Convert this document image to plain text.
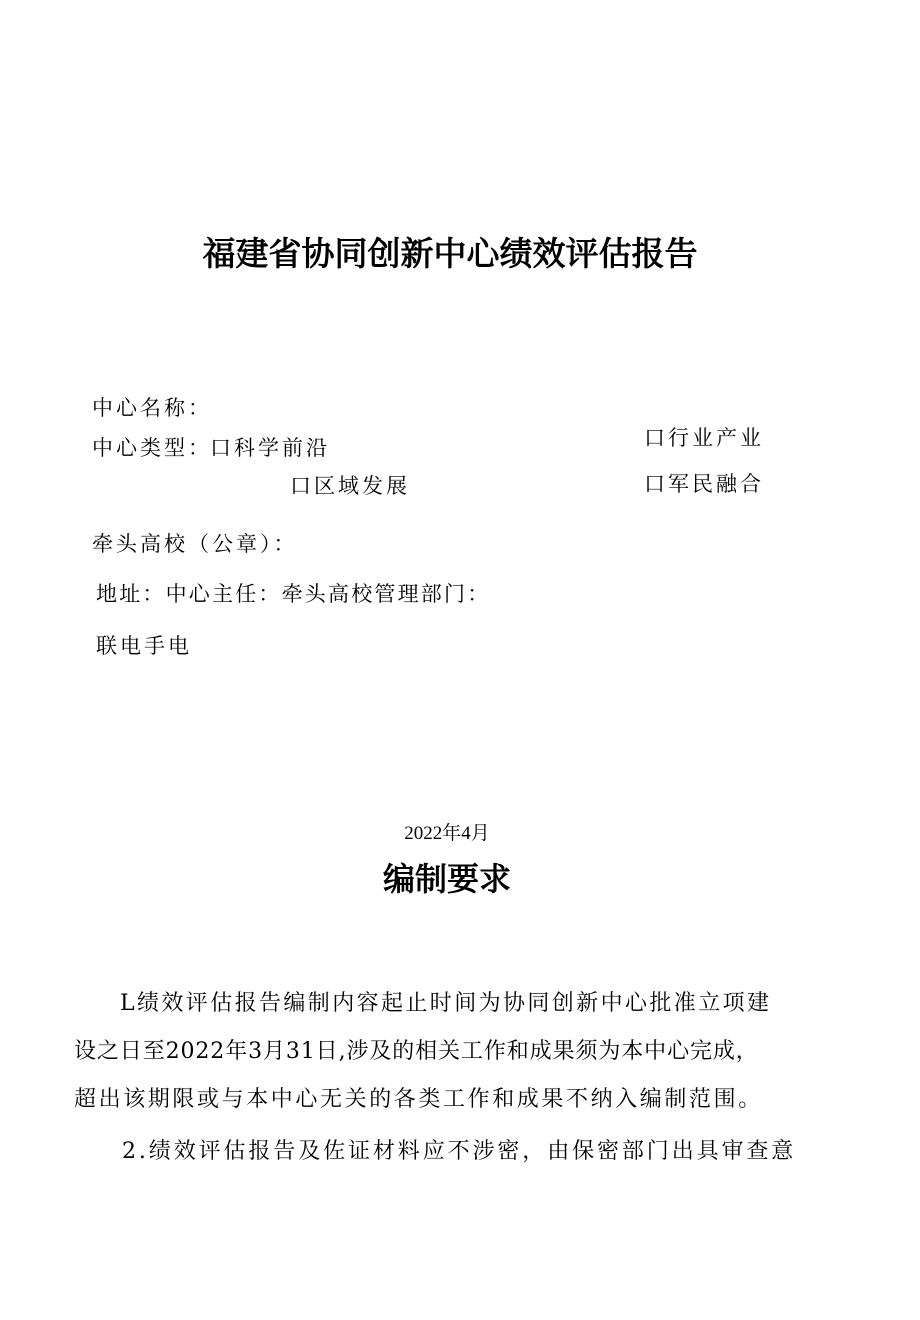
福建省协同创新中心绩效评估报告
中心名称：
中心类型：
口科学前沿	口行业产业
口区域发展	口军民融合
牵头高校（公章）：
地址：中心主任：牵头高校管理部门：
联电手电
2022年4月
编制要求
L绩效评估报告编制内容起止时间为协同创新中心批准立项建
设之日至2022年3月31日,涉及的相关工作和成果须为本中心完成，
超出该期限或与本中心无关的各类工作和成果不纳入编制范围。
2.绩效评估报告及佐证材料应不涉密，由保密部门出具审查意
